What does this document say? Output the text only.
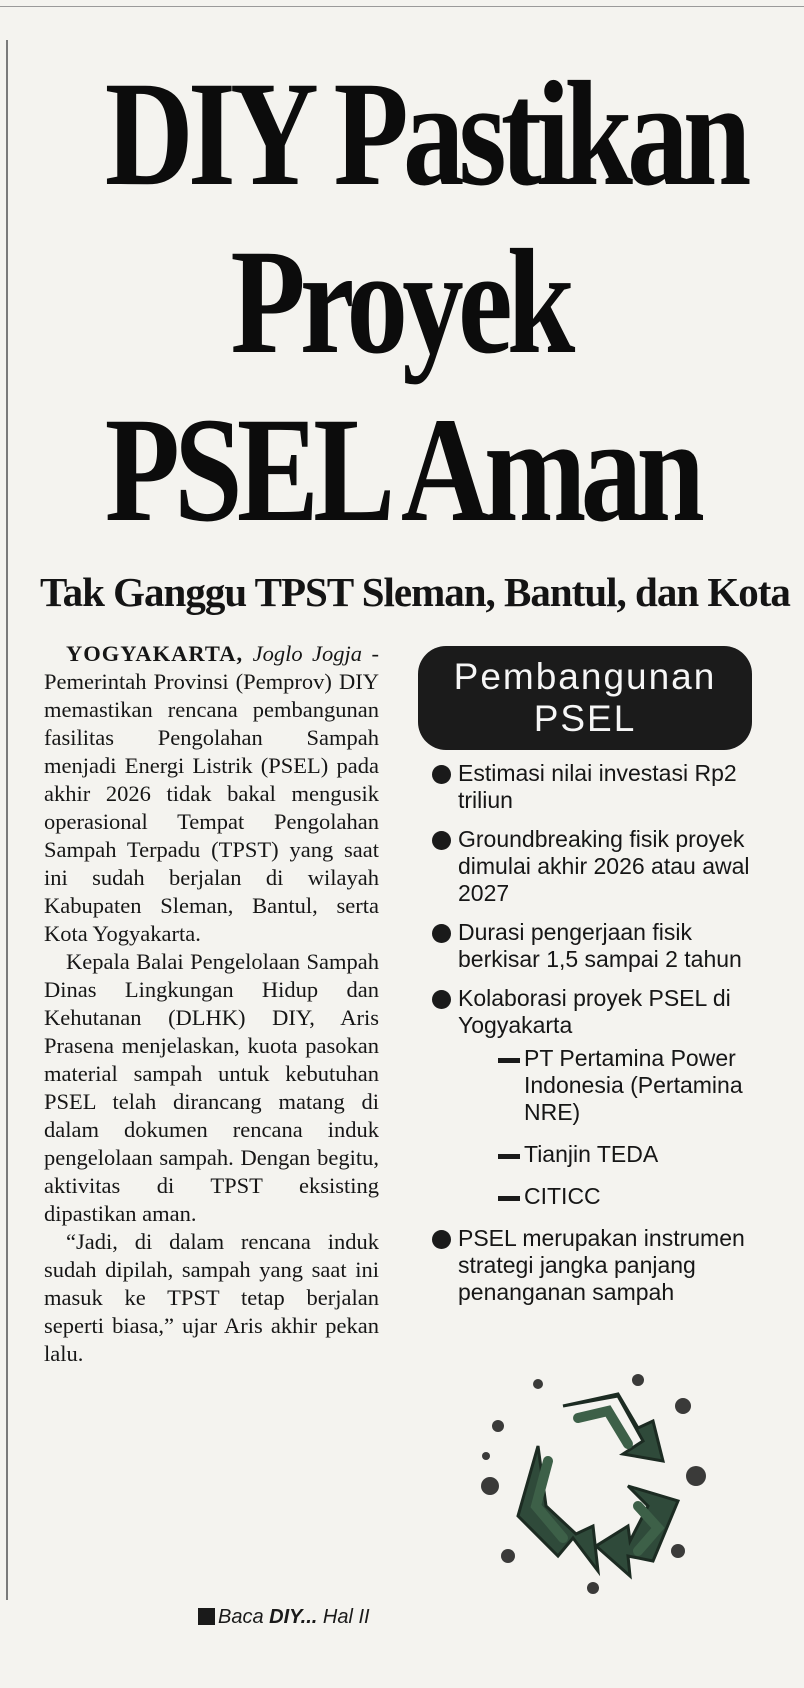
DIY Pastikan
Proyek
PSEL Aman
Tak Ganggu TPST Sleman, Bantul, dan Kota

YOGYAKARTA, Joglo Jogja - Pemerintah Provinsi (Pemprov) DIY memastikan rencana pembangunan fasilitas Pengolahan Sampah menjadi Energi Listrik (PSEL) pada akhir 2026 tidak bakal mengusik operasional Tempat Pengolahan Sampah Terpadu (TPST) yang saat ini sudah berjalan di wilayah Kabupaten Sleman, Bantul, serta Kota Yogyakarta.

Kepala Balai Pengelolaan Sampah Dinas Lingkungan Hidup dan Kehutanan (DLHK) DIY, Aris Prasena menjelaskan, kuota pasokan material sampah untuk kebutuhan PSEL telah dirancang matang di dalam dokumen rencana induk pengelolaan sampah. Dengan begitu, aktivitas di TPST eksisting dipastikan aman.

“Jadi, di dalam rencana induk sudah dipilah, sampah yang saat ini masuk ke TPST tetap berjalan seperti biasa,” ujar Aris akhir pekan lalu.

Baca DIY... Hal II
Pembangunan
PSEL
Estimasi nilai investasi Rp2 triliun
Groundbreaking fisik proyek dimulai akhir 2026 atau awal 2027
Durasi pengerjaan fisik berkisar 1,5 sampai 2 tahun
Kolaborasi proyek PSEL di Yogyakarta
PT Pertamina Power Indonesia (Pertamina NRE)
Tianjin TEDA
CITICC
PSEL merupakan instrumen strategi jangka panjang penanganan sampah
